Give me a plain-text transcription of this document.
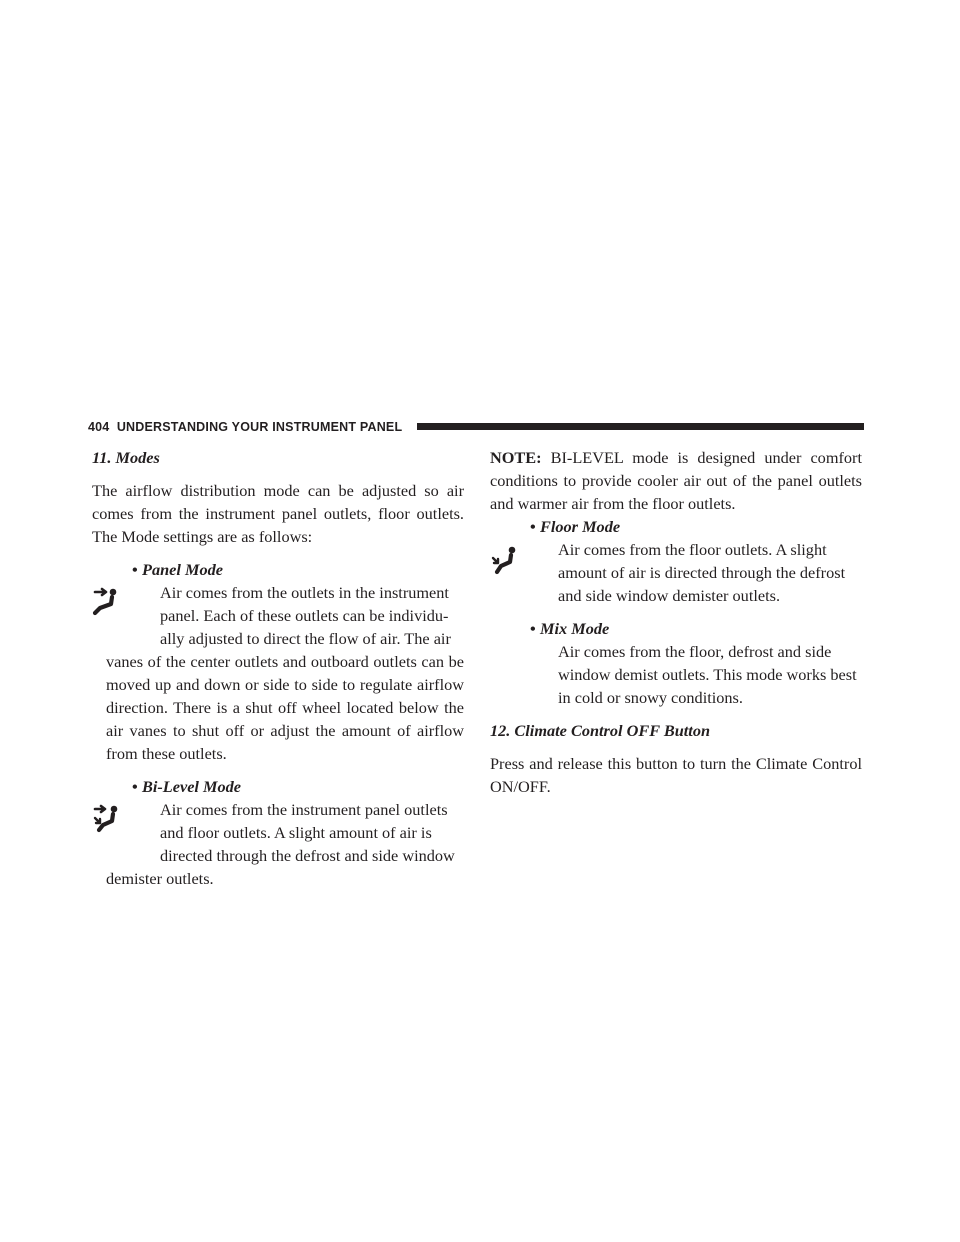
404 UNDERSTANDING YOUR INSTRUMENT PANEL

11. Modes

The airflow distribution mode can be adjusted so air comes from the instrument panel outlets, floor outlets. The Mode settings are as follows:

• Panel Mode

Air comes from the outlets in the instrument

panel. Each of these outlets can be individu-

ally adjusted to direct the flow of air. The air

vanes of the center outlets and outboard outlets can be moved up and down or side to side to regulate airflow direction. There is a shut off wheel located below the air vanes to shut off or adjust the amount of airflow from these outlets.

• Bi-Level Mode

Air comes from the instrument panel outlets

and floor outlets. A slight amount of air is

directed through the defrost and side window

demister outlets.

NOTE: BI-LEVEL mode is designed under comfort conditions to provide cooler air out of the panel outlets and warmer air from the floor outlets.

• Floor Mode

Air comes from the floor outlets. A slight

amount of air is directed through the defrost

and side window demister outlets.

• Mix Mode

Air comes from the floor, defrost and side

window demist outlets. This mode works best

in cold or snowy conditions.

12. Climate Control OFF Button

Press and release this button to turn the Climate Control ON/OFF.
